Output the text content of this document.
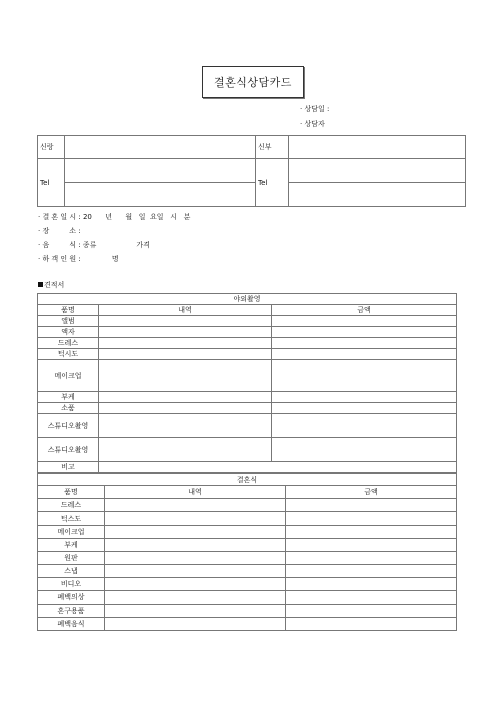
결혼식상담카드
· 상담일 :
· 상담자
신랑		신부	
Tel		Tel	

· 결 혼 일 시 : 20      년      월   일  요일   시   분
· 장         소 :
· 음         식 : 종류                  가격
· 하 객 인 원 :              명
견적서
야외촬영		
품명	내역	금액
앨범		
액자		
드레스		
턱시도		
메이크업		
부케		
소품		
스튜디오촬영		
스튜디오촬영		
비고		
결혼식		
품명	내역	금액
드레스		
턱스도		
메이크업		
부케		
원판		
스냅		
비디오		
폐백의상		
혼구용품		
폐백음식		
